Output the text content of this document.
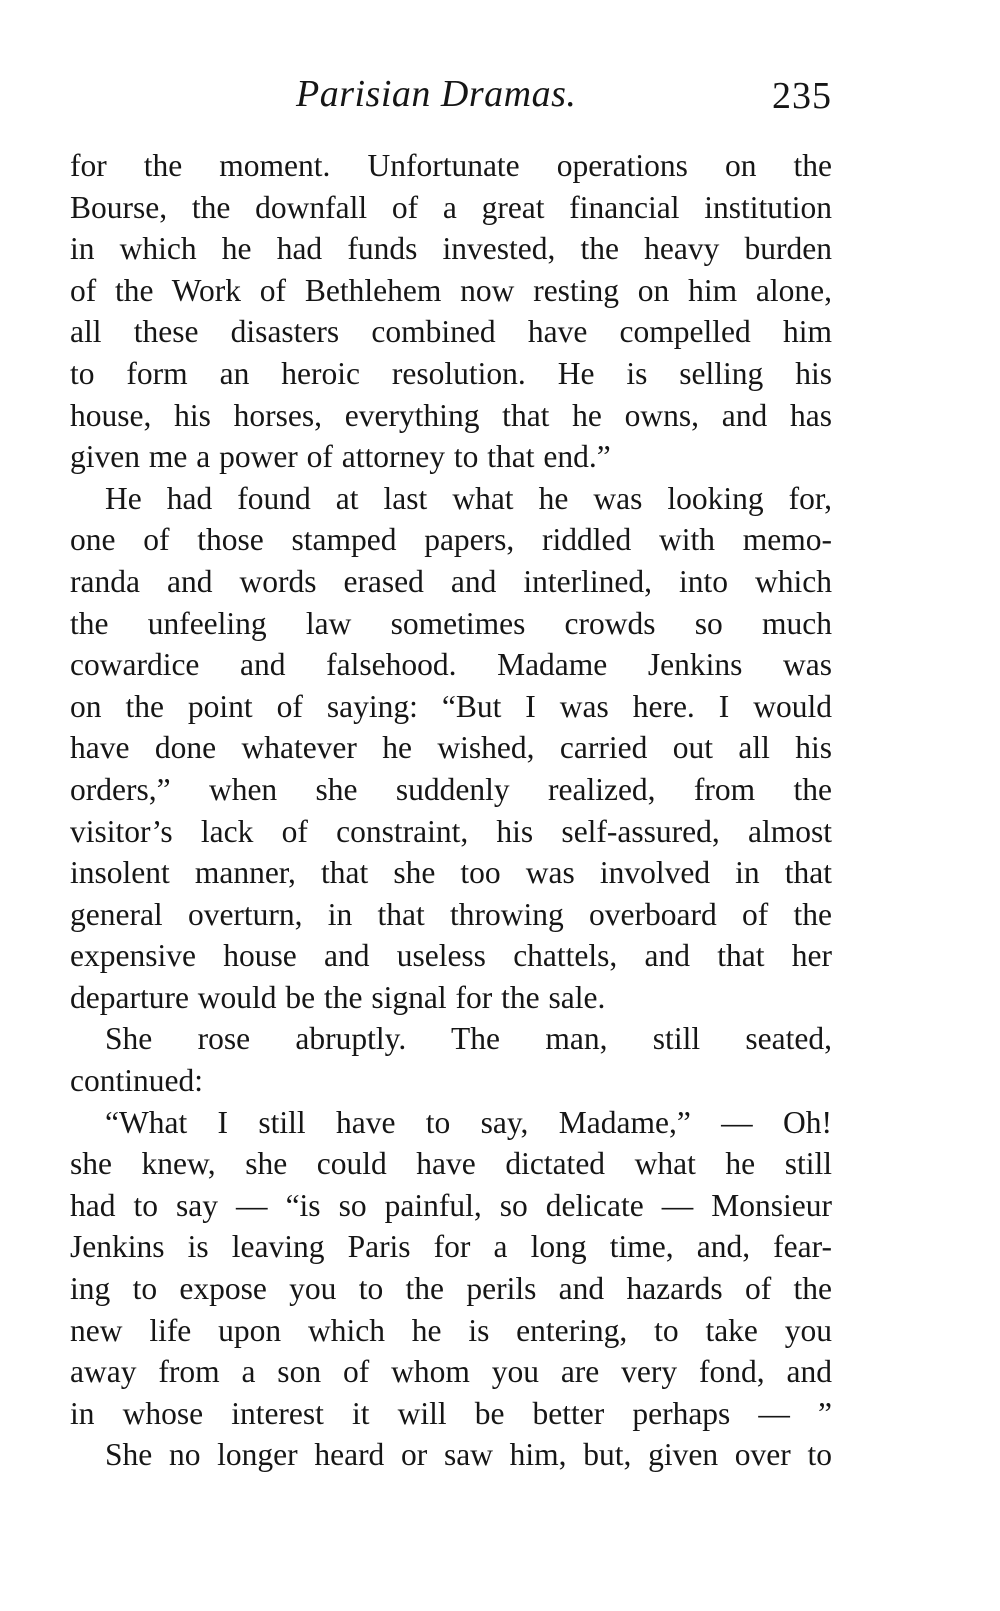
Parisian Dramas.	235
for the moment. Unfortunate operations on the
Bourse, the downfall of a great financial institution
in which he had funds invested, the heavy burden
of the Work of Bethlehem now resting on him alone,
all these disasters combined have compelled him
to form an heroic resolution. He is selling his
house, his horses, everything that he owns, and has
given me a power of attorney to that end.”
He had found at last what he was looking for,
one of those stamped papers, riddled with memo-
randa and words erased and interlined, into which
the unfeeling law sometimes crowds so much
cowardice and falsehood. Madame Jenkins was
on the point of saying: “But I was here. I would
have done whatever he wished, carried out all his
orders,” when she suddenly realized, from the
visitor’s lack of constraint, his self-assured, almost
insolent manner, that she too was involved in that
general overturn, in that throwing overboard of the
expensive house and useless chattels, and that her
departure would be the signal for the sale.
She rose abruptly. The man, still seated,
continued:
“What I still have to say, Madame,” — Oh!
she knew, she could have dictated what he still
had to say — “is so painful, so delicate — Monsieur
Jenkins is leaving Paris for a long time, and, fear-
ing to expose you to the perils and hazards of the
new life upon which he is entering, to take you
away from a son of whom you are very fond, and
in whose interest it will be better perhaps — ”
She no longer heard or saw him, but, given over to
